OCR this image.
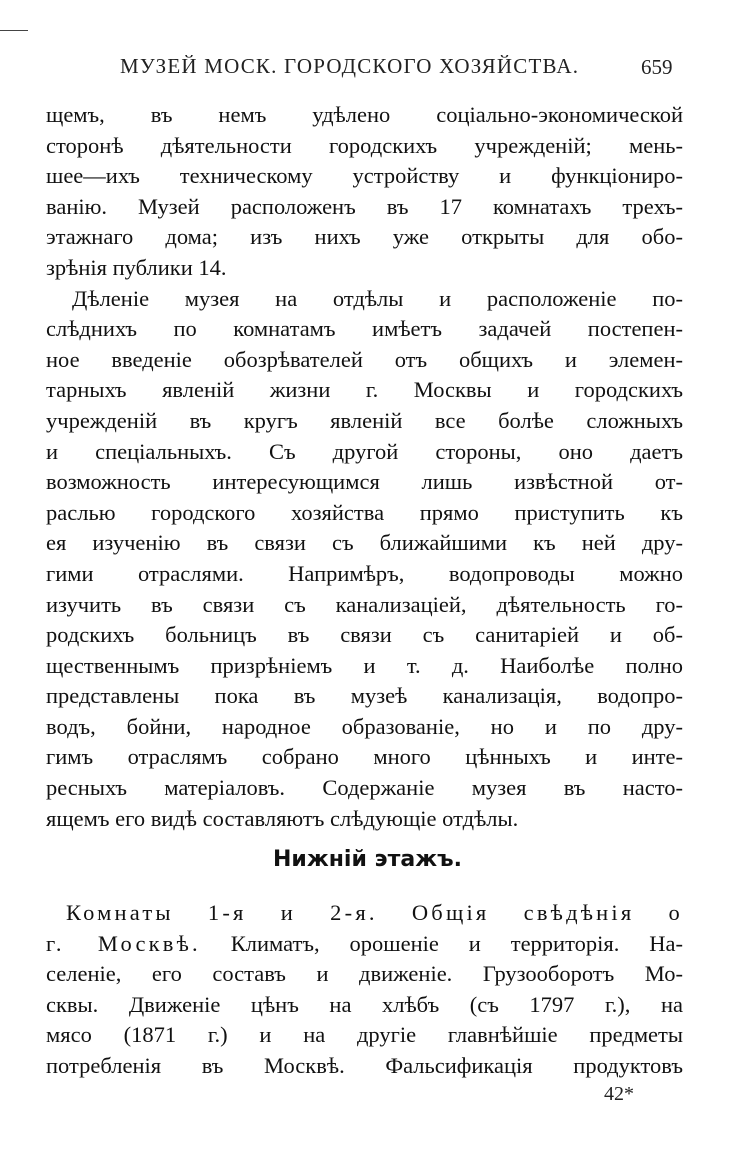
МУЗЕЙ МОСК. ГОРОДСКОГО ХОЗЯЙСТВА.	659
щемъ, въ немъ удѣлено соціально-экономической
сторонѣ дѣятельности городскихъ учрежденій; мень-
шее—ихъ техническому устройству и функціониро-
ванію. Музей расположенъ въ 17 комнатахъ трехъ-
этажнаго дома; изъ нихъ уже открыты для обо-
зрѣнія публики 14.
Дѣленіе музея на отдѣлы и расположеніе по-
слѣднихъ по комнатамъ имѣетъ задачей постепен-
ное введеніе обозрѣвателей отъ общихъ и элемен-
тарныхъ явленій жизни г. Москвы и городскихъ
учрежденій въ кругъ явленій все болѣе сложныхъ
и спеціальныхъ. Съ другой стороны, оно даетъ
возможность интересующимся лишь извѣстной от-
раслью городского хозяйства прямо приступить къ
ея изученію въ связи съ ближайшими къ ней дру-
гими отраслями. Напримѣръ, водопроводы можно
изучить въ связи съ канализаціей, дѣятельность го-
родскихъ больницъ въ связи съ санитаріей и об-
щественнымъ призрѣніемъ и т. д. Наиболѣе полно
представлены пока въ музеѣ канализація, водопро-
водъ, бойни, народное образованіе, но и по дру-
гимъ отраслямъ собрано много цѣнныхъ и инте-
ресныхъ матеріаловъ. Содержаніе музея въ насто-
ящемъ его видѣ составляютъ слѣдующіе отдѣлы.
Нижній этажъ.
Комнаты 1-я и 2-я. Общія свѣдѣнія о
г. Москвѣ. Климатъ, орошеніе и территорія. На-
селеніе, его составъ и движеніе. Грузооборотъ Мо-
сквы. Движеніе цѣнъ на хлѣбъ (съ 1797 г.), на
мясо (1871 г.) и на другіе главнѣйшіе предметы
потребленія въ Москвѣ. Фальсификація продуктовъ
42*
